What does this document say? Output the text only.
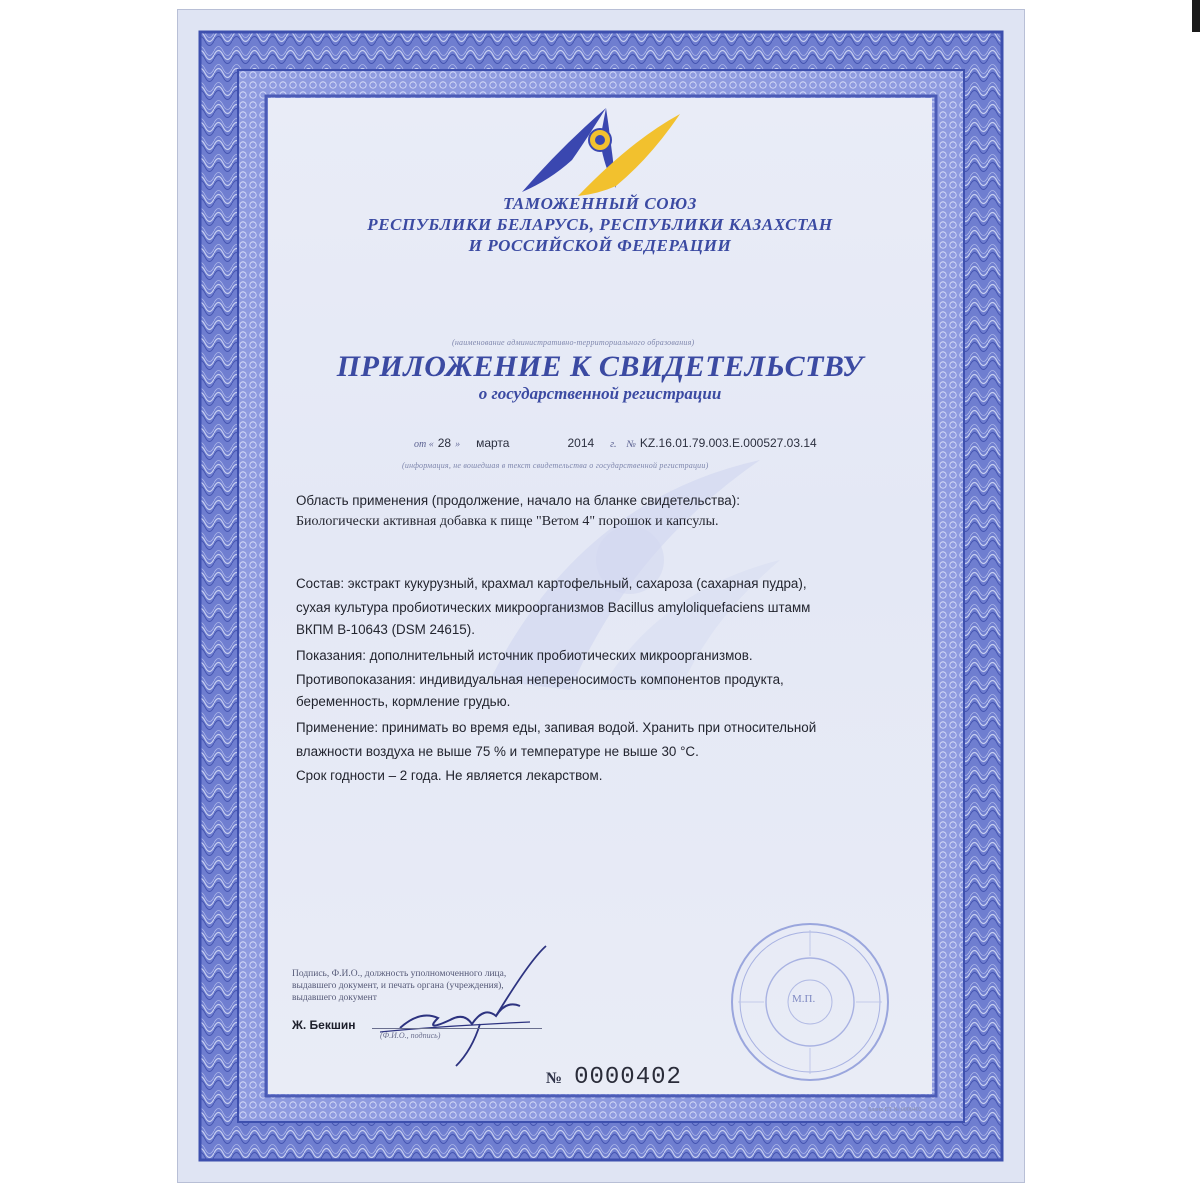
ТАМОЖЕННЫЙ СОЮЗ
РЕСПУБЛИКИ БЕЛАРУСЬ, РЕСПУБЛИКИ КАЗАХСТАН
И РОССИЙСКОЙ ФЕДЕРАЦИИ
(наименование административно-территориального образования)
ПРИЛОЖЕНИЕ К СВИДЕТЕЛЬСТВУ
о государственной регистрации
от « 28 » марта	2014 г. № KZ.16.01.79.003.E.000527.03.14
(информация, не вошедшая в текст свидетельства о государственной регистрации)
Область применения (продолжение, начало на бланке свидетельства):
Биологически активная добавка к пище "Ветом 4" порошок и капсулы.
Состав: экстракт кукурузный, крахмал картофельный, сахароза (сахарная пудра),
сухая культура пробиотических микроорганизмов Bacillus amyloliquefaciens штамм
ВКПМ В-10643 (DSM 24615).
Показания: дополнительный источник пробиотических микроорганизмов.
Противопоказания: индивидуальная непереносимость компонентов продукта,
беременность, кормление грудью.
Применение: принимать во время еды, запивая водой. Хранить при относительной
влажности воздуха не выше 75 % и температуре не выше 30 °С.
Срок годности – 2 года. Не является лекарством.
Подпись, Ф.И.О., должность уполномоченного лица,
выдавшего документ, и печать органа (учреждения),
выдавшего документ
Ж. Бекшин
(Ф.И.О., подпись)
М.П.
№ 0000402
Бланк ЕТ № 0000402
